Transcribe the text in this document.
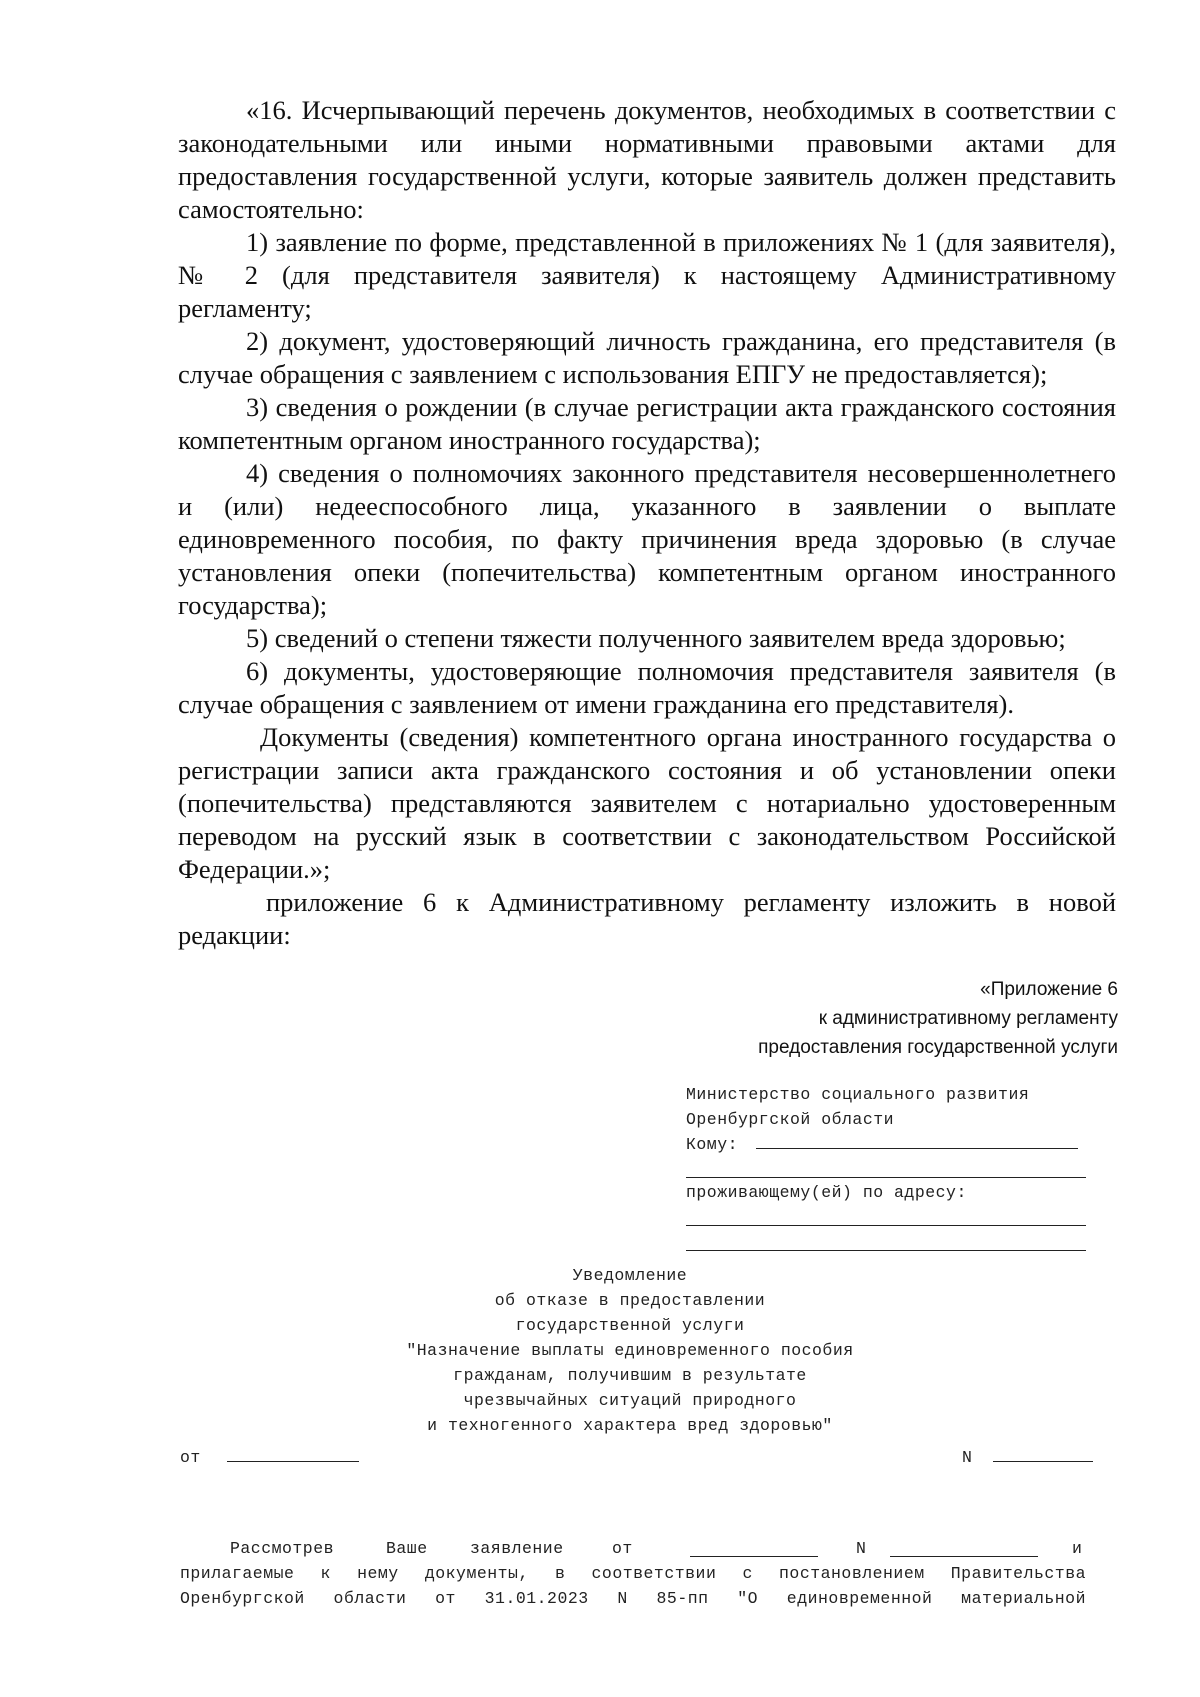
«16. Исчерпывающий перечень документов, необходимых в соответствии с законодательными или иными нормативными правовыми актами для предоставления государственной услуги, которые заявитель должен представить самостоятельно:

1) заявление по форме, представленной в приложениях № 1 (для заявителя), № 2 (для представителя заявителя) к настоящему Административному регламенту;

2) документ, удостоверяющий личность гражданина, его представителя (в случае обращения с заявлением с использования ЕПГУ не предоставляется);

3) сведения о рождении (в случае регистрации акта гражданского состояния компетентным органом иностранного государства);

4) сведения о полномочиях законного представителя несовершеннолетнего и (или) недееспособного лица, указанного в заявлении о выплате единовременного пособия, по факту причинения вреда здоровью (в случае установления опеки (попечительства) компетентным органом иностранного государства);

5) сведений о степени тяжести полученного заявителем вреда здоровью;

6) документы, удостоверяющие полномочия представителя заявителя (в случае обращения с заявлением от имени гражданина его представителя).

Документы (сведения) компетентного органа иностранного государства о регистрации записи акта гражданского состояния и об установлении опеки (попечительства) представляются заявителем с нотариально удостоверенным переводом на русский язык в соответствии с законодательством Российской Федерации.»;

приложение 6 к Административному регламенту изложить в новой редакции:

«Приложение 6
к административному регламенту
предоставления государственной услуги
Министерство социального развития
Оренбургской области
Кому:
проживающему(ей) по адресу:
Уведомление
об отказе в предоставлении
государственной услуги
"Назначение выплаты единовременного пособия
гражданам, получившим в результате
чрезвычайных ситуаций природного
и техногенного характера вред здоровью"
от	N
Рассмотрев	Ваше	заявление	от	N	и
прилагаемые к нему документы, в соответствии с постановлением Правительства
Оренбургской области от 31.01.2023 N 85-пп "О единовременной материальной
